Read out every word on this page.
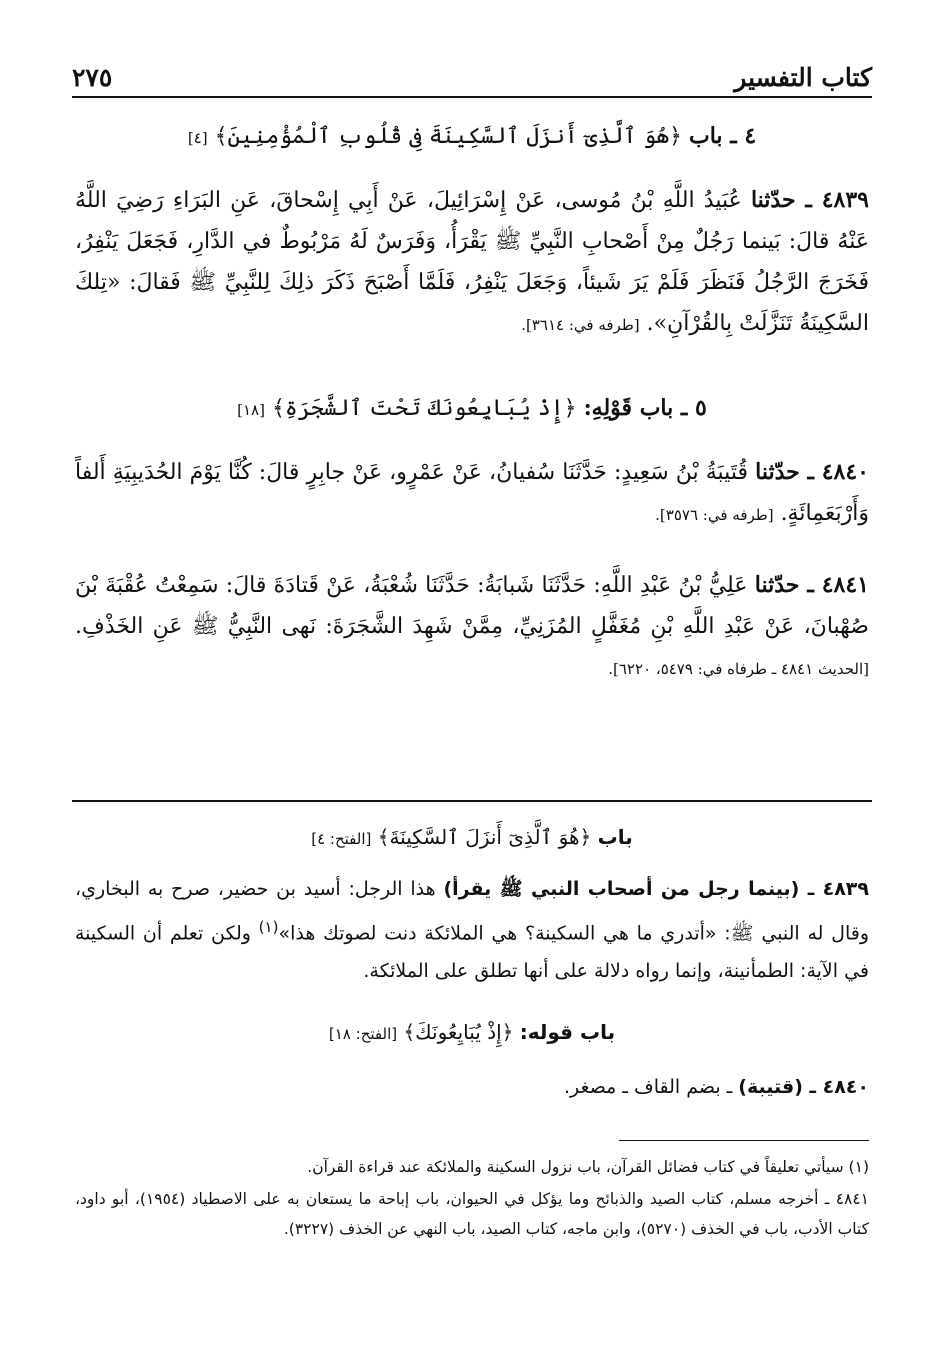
كتاب التفسير
٢٧٥
٤ ـ باب ﴿هُوَ ٱلَّذِىٓ أَنزَلَ ٱلسَّكِينَةَ فِى قُلُوبِ ٱلْمُؤْمِنِينَ﴾ [٤]
٤٨٣٩ ـ حدّثنا عُبَيدُ اللَّهِ بْنُ مُوسى، عَنْ إِسْرَائِيلَ، عَنْ أَبِي إِسْحاقَ، عَنِ البَرَاءِ رَضِيَ اللَّهُ عَنْهُ قالَ: بَينما رَجُلٌ مِنْ أَصْحابِ النَّبِيِّ ﷺ يَقْرَأُ، وَفَرَسٌ لَهُ مَرْبُوطٌ في الدَّارِ، فَجَعَلَ يَنْفِرُ، فَخَرَجَ الرَّجُلُ فَنَظَرَ فَلَمْ يَرَ شَيئاً، وَجَعَلَ يَنْفِرُ، فَلَمَّا أَصْبَحَ ذَكَرَ ذلِكَ لِلنَّبِيِّ ﷺ فَقالَ: «تِلكَ السَّكِينَةُ تَنَزَّلَتْ بِالقُرْآنِ». [طرفه في: ٣٦١٤].
٥ ـ باب قَوْلِهِ: ﴿إِذْ يُبَايِعُونَكَ تَحْتَ ٱلشَّجَرَةِ﴾ [١٨]
٤٨٤٠ ـ حدّثنا قُتَيبَةُ بْنُ سَعِيدٍ: حَدَّثَنَا سُفيانُ، عَنْ عَمْرٍو، عَنْ جابِرٍ قالَ: كُنَّا يَوْمَ الحُدَيبِيَةِ أَلفاً وَأَرْبَعَمِائَةٍ. [طرفه في: ٣٥٧٦].
٤٨٤١ ـ حدّثنا عَلِيُّ بْنُ عَبْدِ اللَّهِ: حَدَّثَنَا شَبابَةُ: حَدَّثَنَا شُعْبَةُ، عَنْ قَتادَةَ قالَ: سَمِعْتُ عُقْبَةَ بْنَ صُهْبانَ، عَنْ عَبْدِ اللَّهِ بْنِ مُغَفَّلٍ المُزَنِيِّ، مِمَّنْ شَهِدَ الشَّجَرَةَ: نَهى النَّبِيُّ ﷺ عَنِ الخَذْفِ. [الحديث ٤٨٤١ ـ طرفاه في: ٥٤٧٩، ٦٢٢٠].
باب ﴿هُوَ ٱلَّذِىٓ أَنزَلَ ٱلسَّكِينَةَ﴾ [الفتح: ٤]
٤٨٣٩ ـ (بينما رجل من أصحاب النبي ﷺ يقرأ) هذا الرجل: أسيد بن حضير، صرح به البخاري، وقال له النبي ﷺ: «أتدري ما هي السكينة؟ هي الملائكة دنت لصوتك هذا»$^{(١)}$ ولكن تعلم أن السكينة في الآية: الطمأنينة، وإنما رواه دلالة على أنها تطلق على الملائكة.
باب قوله: ﴿إِذْ يُبَايِعُونَكَ﴾ [الفتح: ١٨]
٤٨٤٠ ـ (قتيبة) ـ بضم القاف ـ مصغر.
(١) سيأتي تعليقاً في كتاب فضائل القرآن، باب نزول السكينة والملائكة عند قراءة القرآن.
٤٨٤١ ـ أخرجه مسلم، كتاب الصيد والذبائح وما يؤكل في الحيوان، باب إباحة ما يستعان به على الاصطياد (١٩٥٤)، أبو داود، كتاب الأدب، باب في الخذف (٥٢٧٠)، وابن ماجه، كتاب الصيد، باب النهي عن الخذف (٣٢٢٧).
